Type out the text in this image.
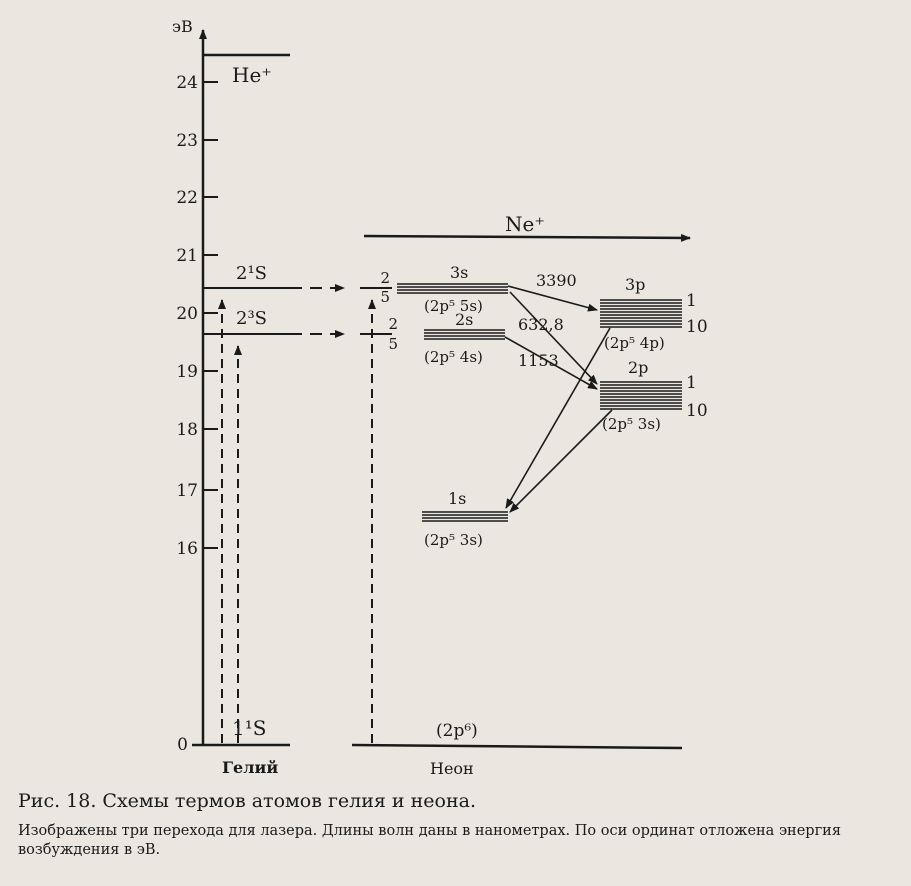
эВ
24
23
22
21
20
19
18
17
16
0
He⁺
2¹S
2³S
1¹S
Гелий
Ne⁺
(2p⁶)
Неон
2
5
3s
(2p⁵ 5s)
2
5
2s
(2p⁵ 4s)
3p
1
10
(2p⁵ 4p)
2p
1
10
(2p⁵ 3s)
1s
(2p⁵ 3s)
3390
632,8
1153

Рис. 18. Схемы термов атомов гелия и неона.

Изображены три перехода для лазера. Длины волн даны в нанометрах. По оси ординат отложена энергия возбуждения в эВ.
